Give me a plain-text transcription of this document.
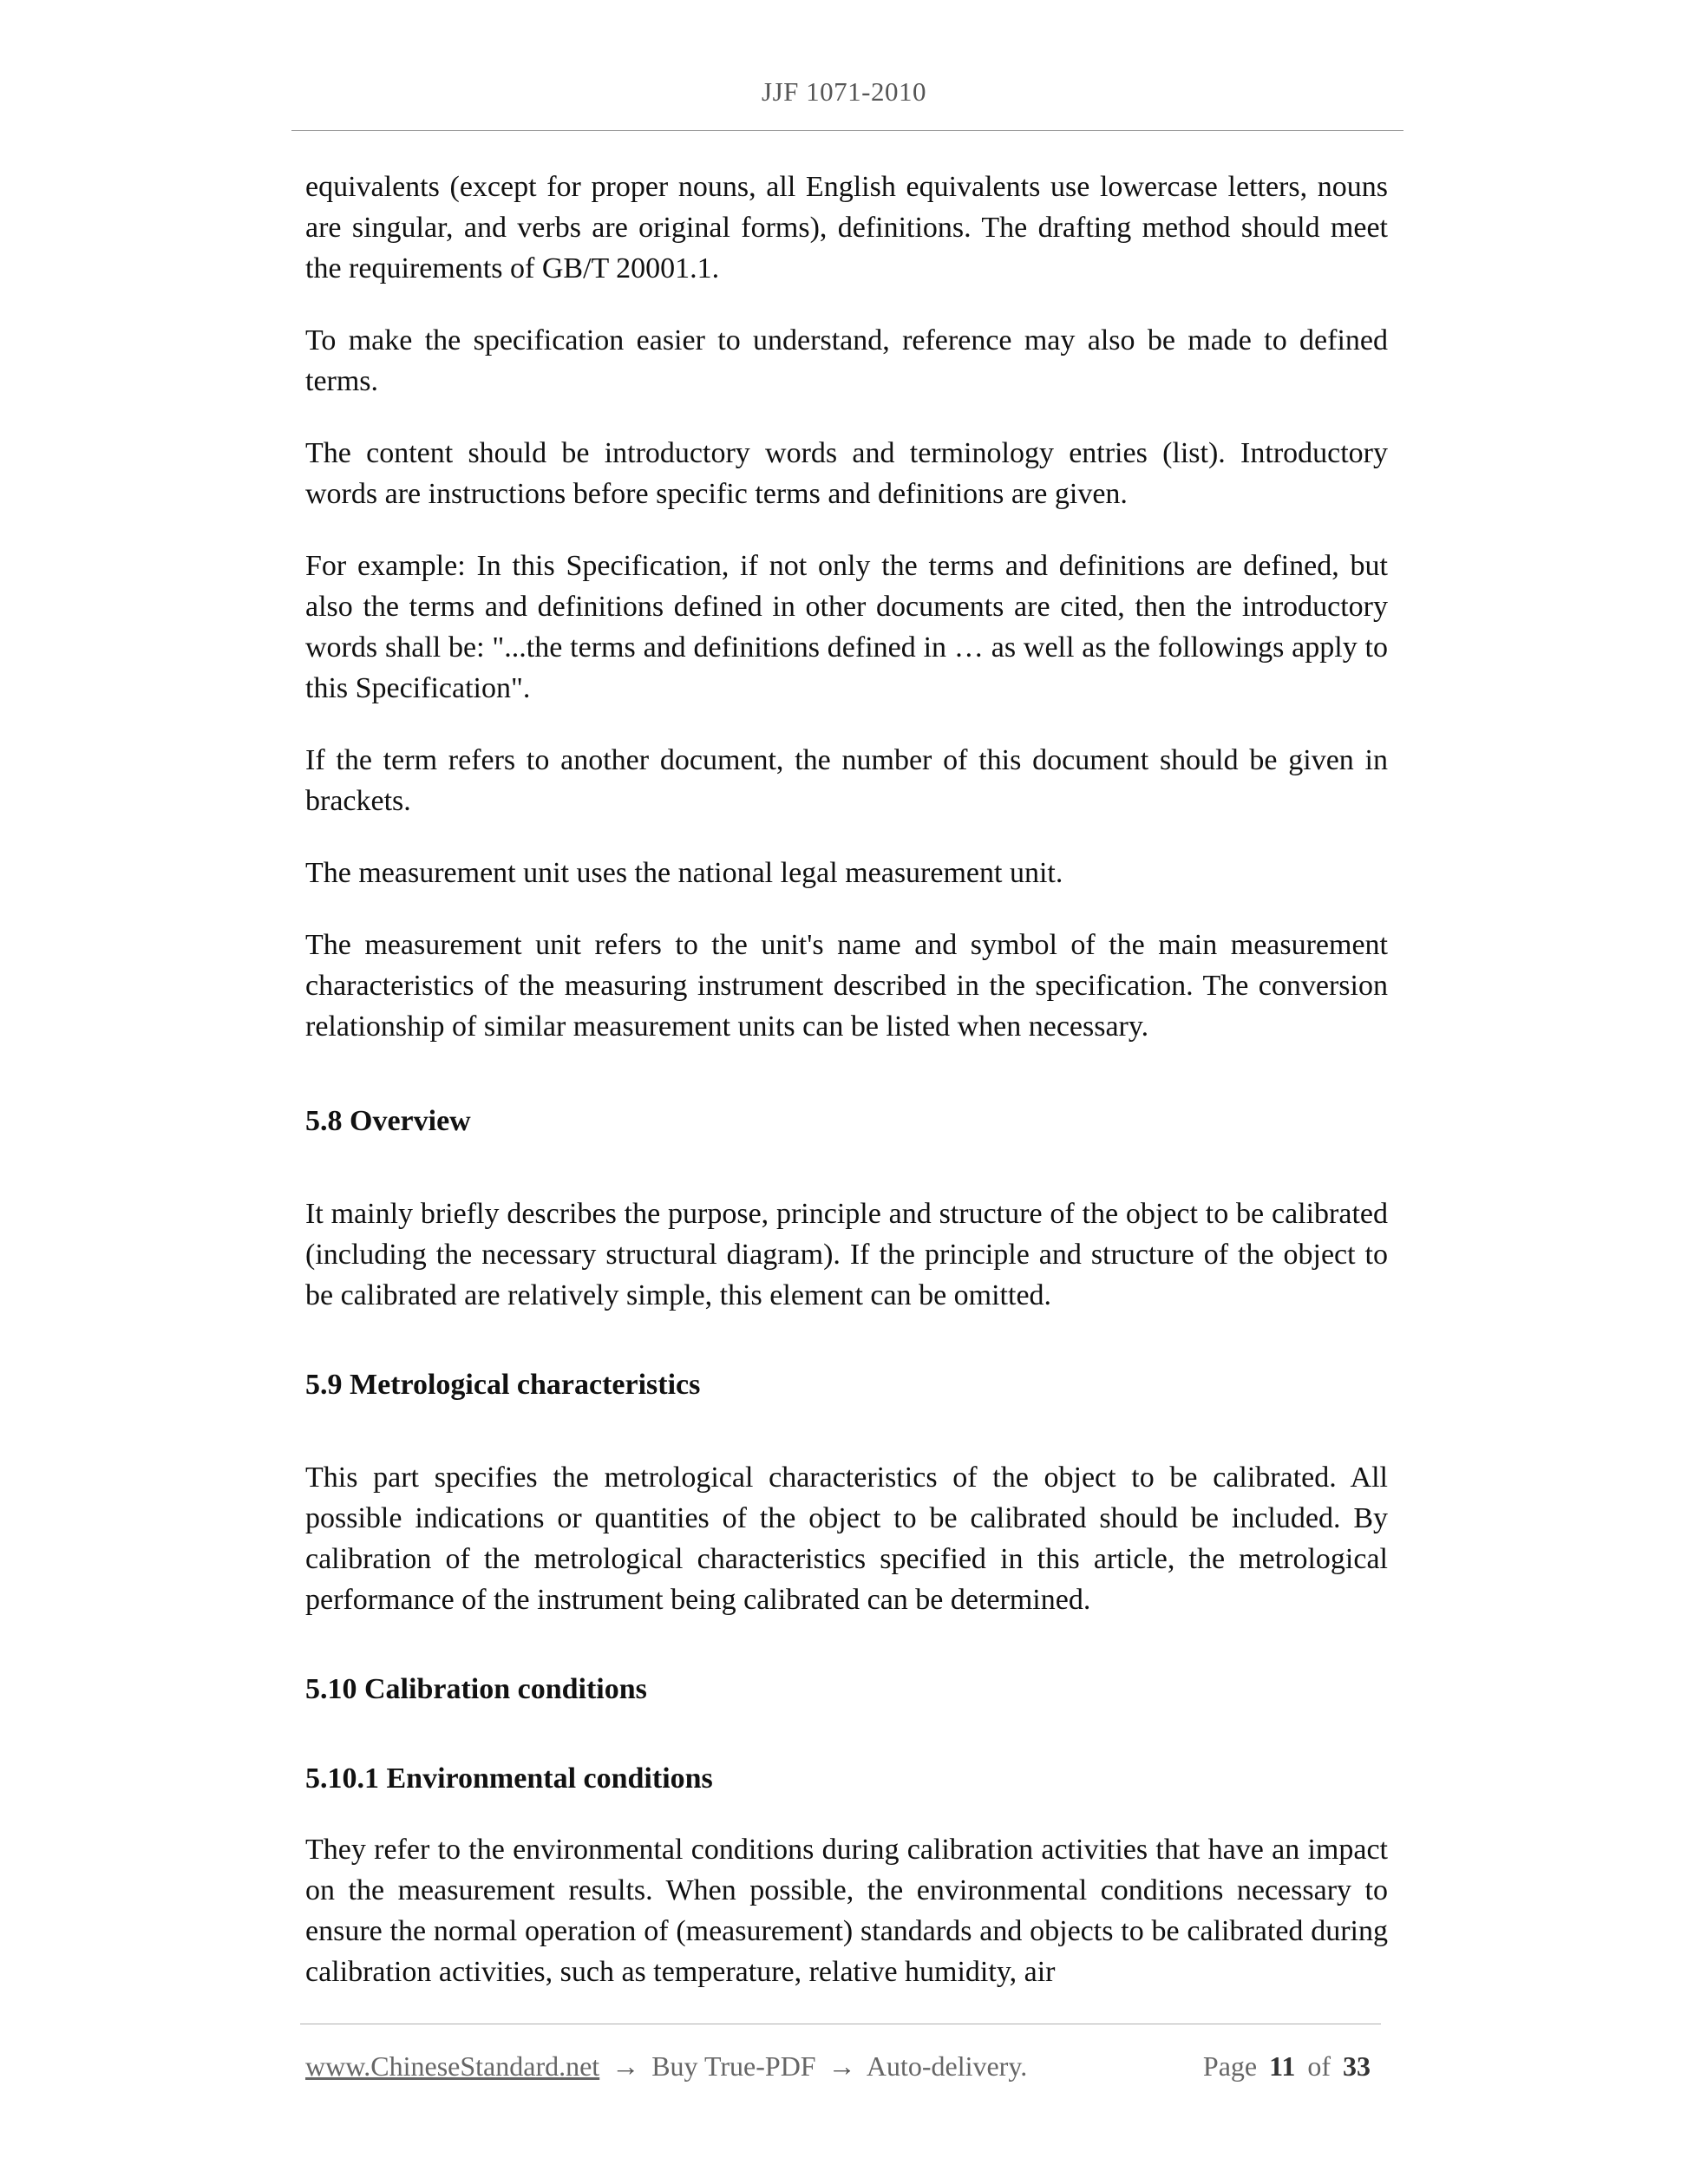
JJF 1071-2010

equivalents (except for proper nouns, all English equivalents use lowercase letters, nouns are singular, and verbs are original forms), definitions. The drafting method should meet the requirements of GB/T 20001.1.

To make the specification easier to understand, reference may also be made to defined terms.

The content should be introductory words and terminology entries (list). Introductory words are instructions before specific terms and definitions are given.

For example: In this Specification, if not only the terms and definitions are defined, but also the terms and definitions defined in other documents are cited, then the introductory words shall be: "...the terms and definitions defined in … as well as the followings apply to this Specification".

If the term refers to another document, the number of this document should be given in brackets.

The measurement unit uses the national legal measurement unit.

The measurement unit refers to the unit's name and symbol of the main measurement characteristics of the measuring instrument described in the specification. The conversion relationship of similar measurement units can be listed when necessary.

5.8 Overview

It mainly briefly describes the purpose, principle and structure of the object to be calibrated (including the necessary structural diagram). If the principle and structure of the object to be calibrated are relatively simple, this element can be omitted.

5.9 Metrological characteristics

This part specifies the metrological characteristics of the object to be calibrated. All possible indications or quantities of the object to be calibrated should be included. By calibration of the metrological characteristics specified in this article, the metrological performance of the instrument being calibrated can be determined.

5.10 Calibration conditions
5.10.1 Environmental conditions

They refer to the environmental conditions during calibration activities that have an impact on the measurement results. When possible, the environmental conditions necessary to ensure the normal operation of (measurement) standards and objects to be calibrated during calibration activities, such as temperature, relative humidity, air

www.ChineseStandard.net → Buy True-PDF → Auto-delivery.	Page 11 of 33
